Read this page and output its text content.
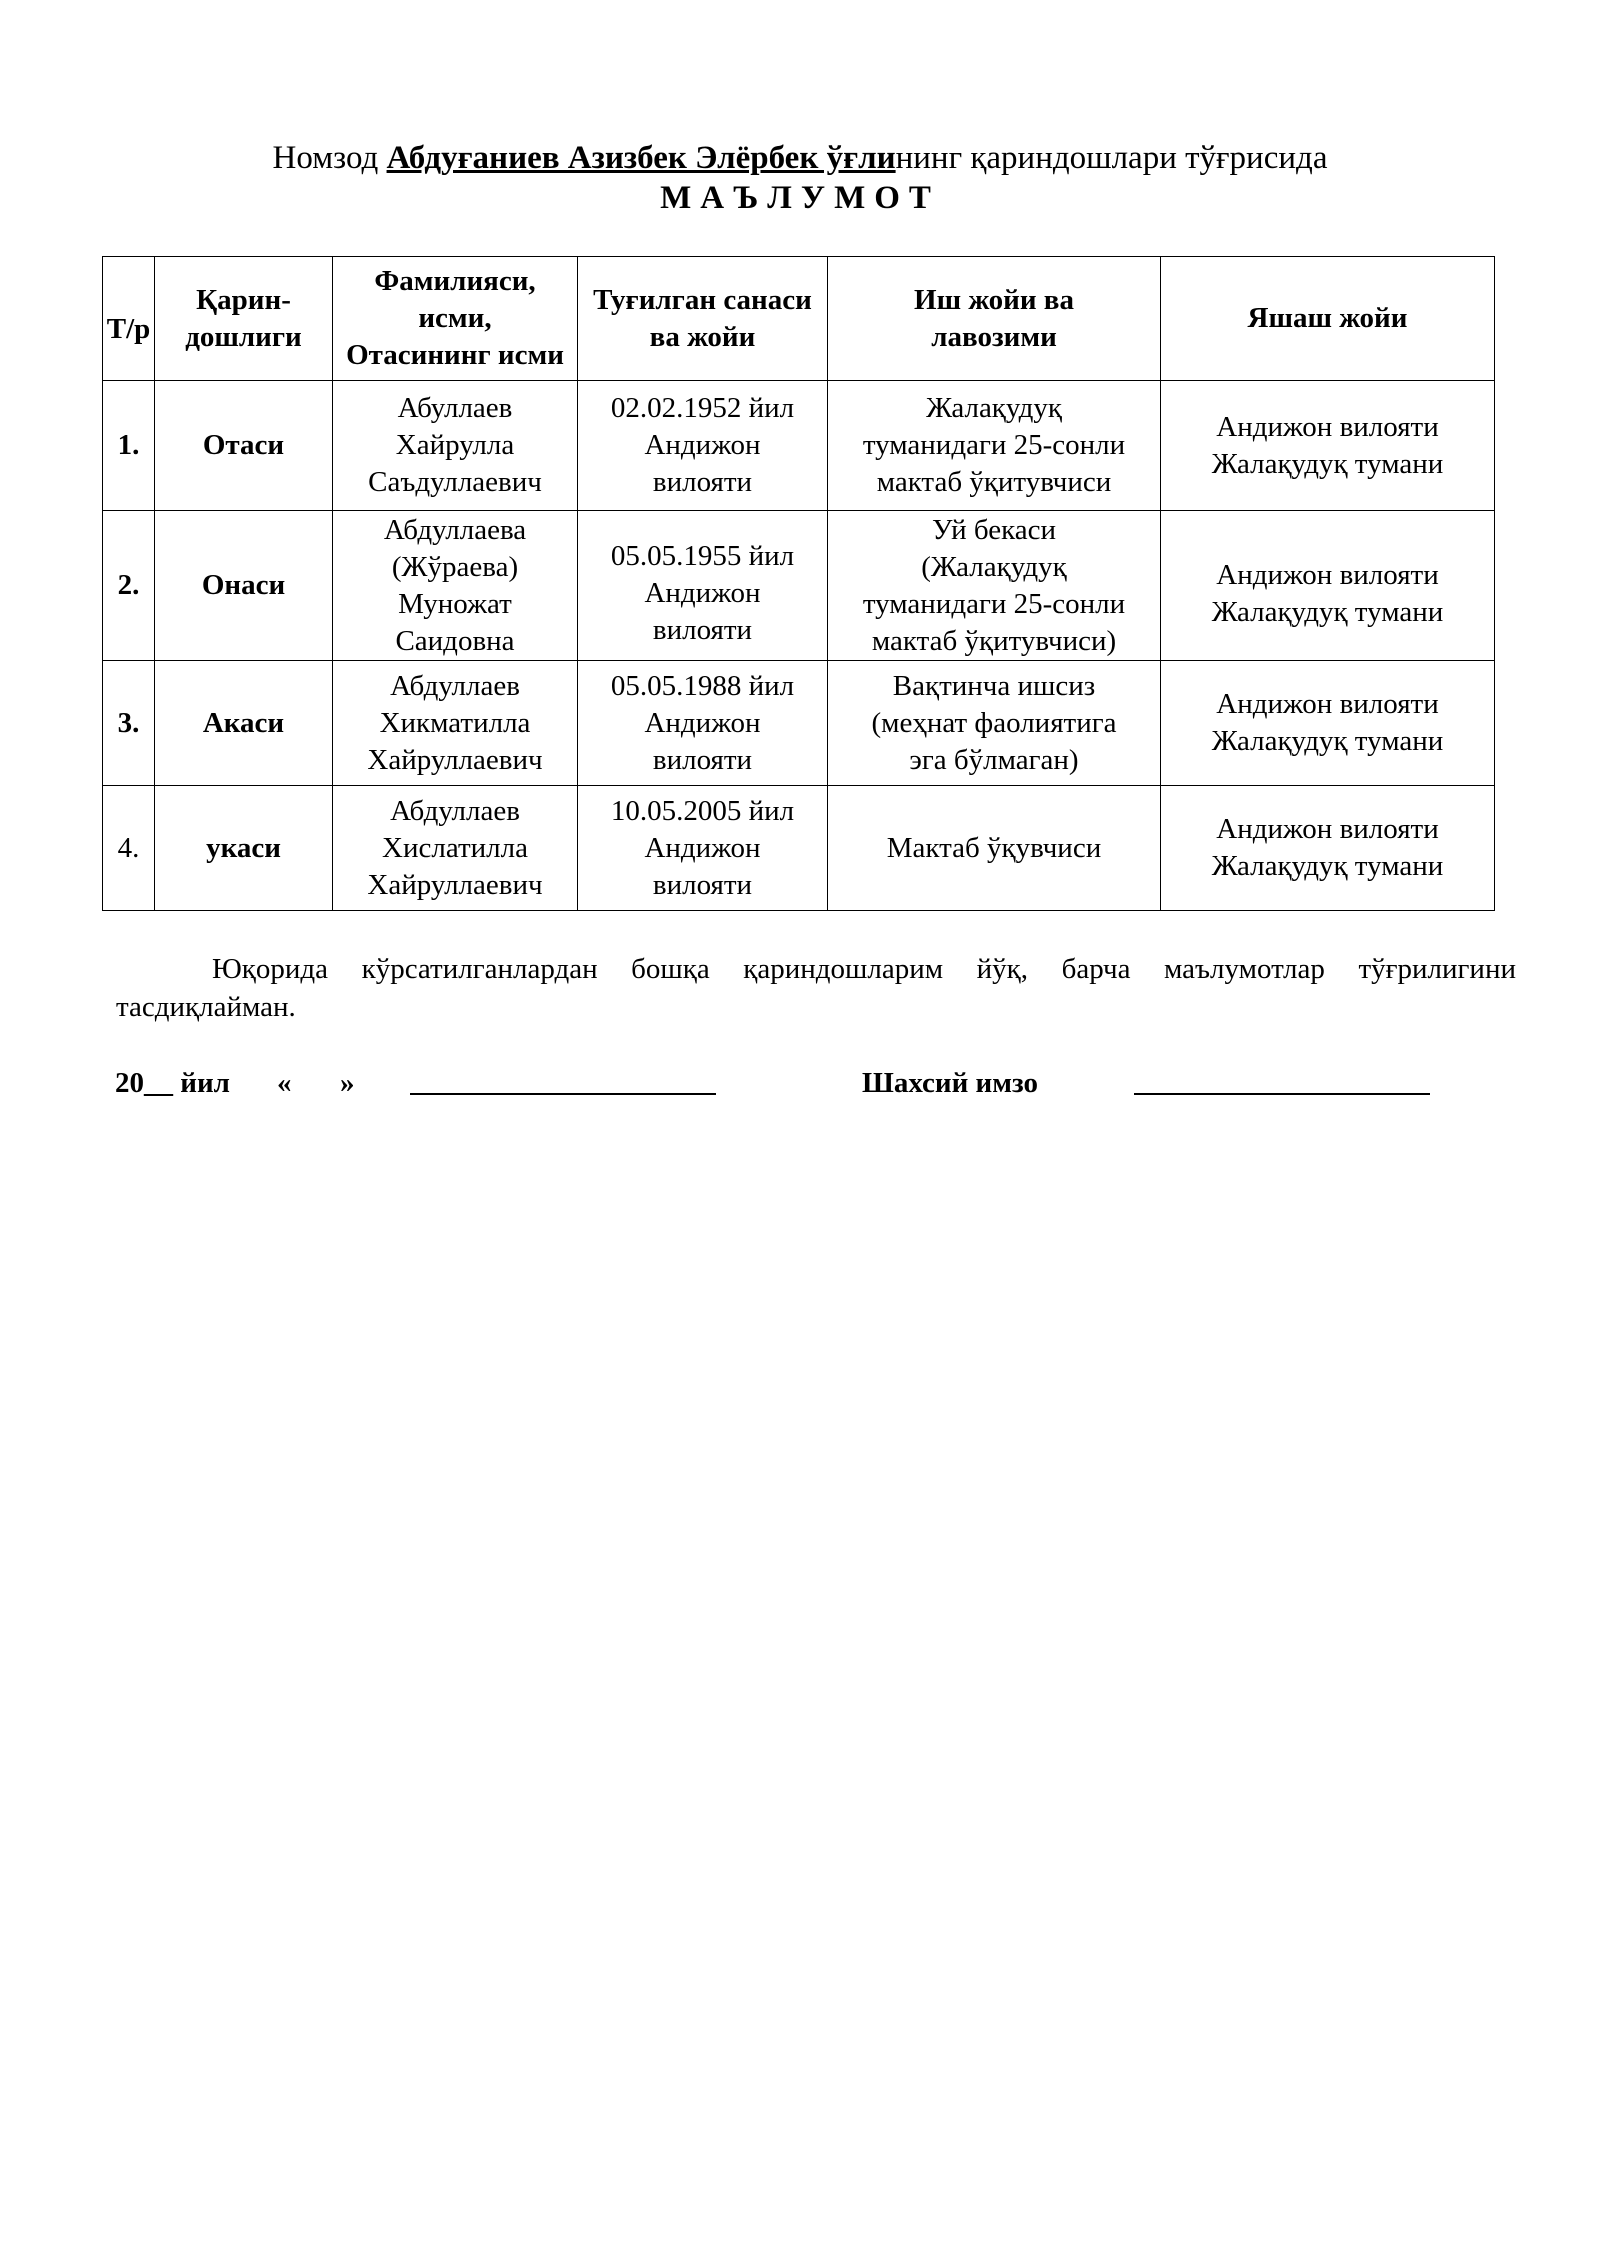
Номзод Абдуғаниев Азизбек Элёрбек ўғлининг қариндошлари тўғрисида
МАЪЛУМОТ
Т/р	Қарин-
дошлиги	Фамилияси,
исми,
Отасининг исми	Туғилган санаси
ва жойи	Иш жойи ва
лавозими	Яшаш жойи

1.	Отаси	Абуллаев
Хайрулла
Саъдуллаевич	02.02.1952 йил
Андижон
вилояти	Жалақудуқ
туманидаги 25-сонли
мактаб ўқитувчиси	Андижон вилояти
Жалақудуқ тумани

2.	Онаси	Абдуллаева
(Жўраева)
Муножат
Саидовна	05.05.1955 йил
Андижон
вилояти	Уй бекаси
(Жалақудуқ
туманидаги 25-сонли
мактаб ўқитувчиси)	Андижон вилояти
Жалақудуқ тумани

3.	Акаси	Абдуллаев
Хикматилла
Хайруллаевич	05.05.1988 йил
Андижон
вилояти	Вақтинча ишсиз
(меҳнат фаолиятига
эга бўлмаган)	Андижон вилояти
Жалақудуқ тумани

4.	укаси	Абдуллаев
Хислатилла
Хайруллаевич	10.05.2005 йил
Андижон
вилояти	Мактаб ўқувчиси	Андижон вилояти
Жалақудуқ тумани
Юқорида кўрсатилганлардан бошқа қариндошларим йўқ, барча маълумотлар тўғрилигини
тасдиқлайман.
20__ йил « »	Шахсий имзо
